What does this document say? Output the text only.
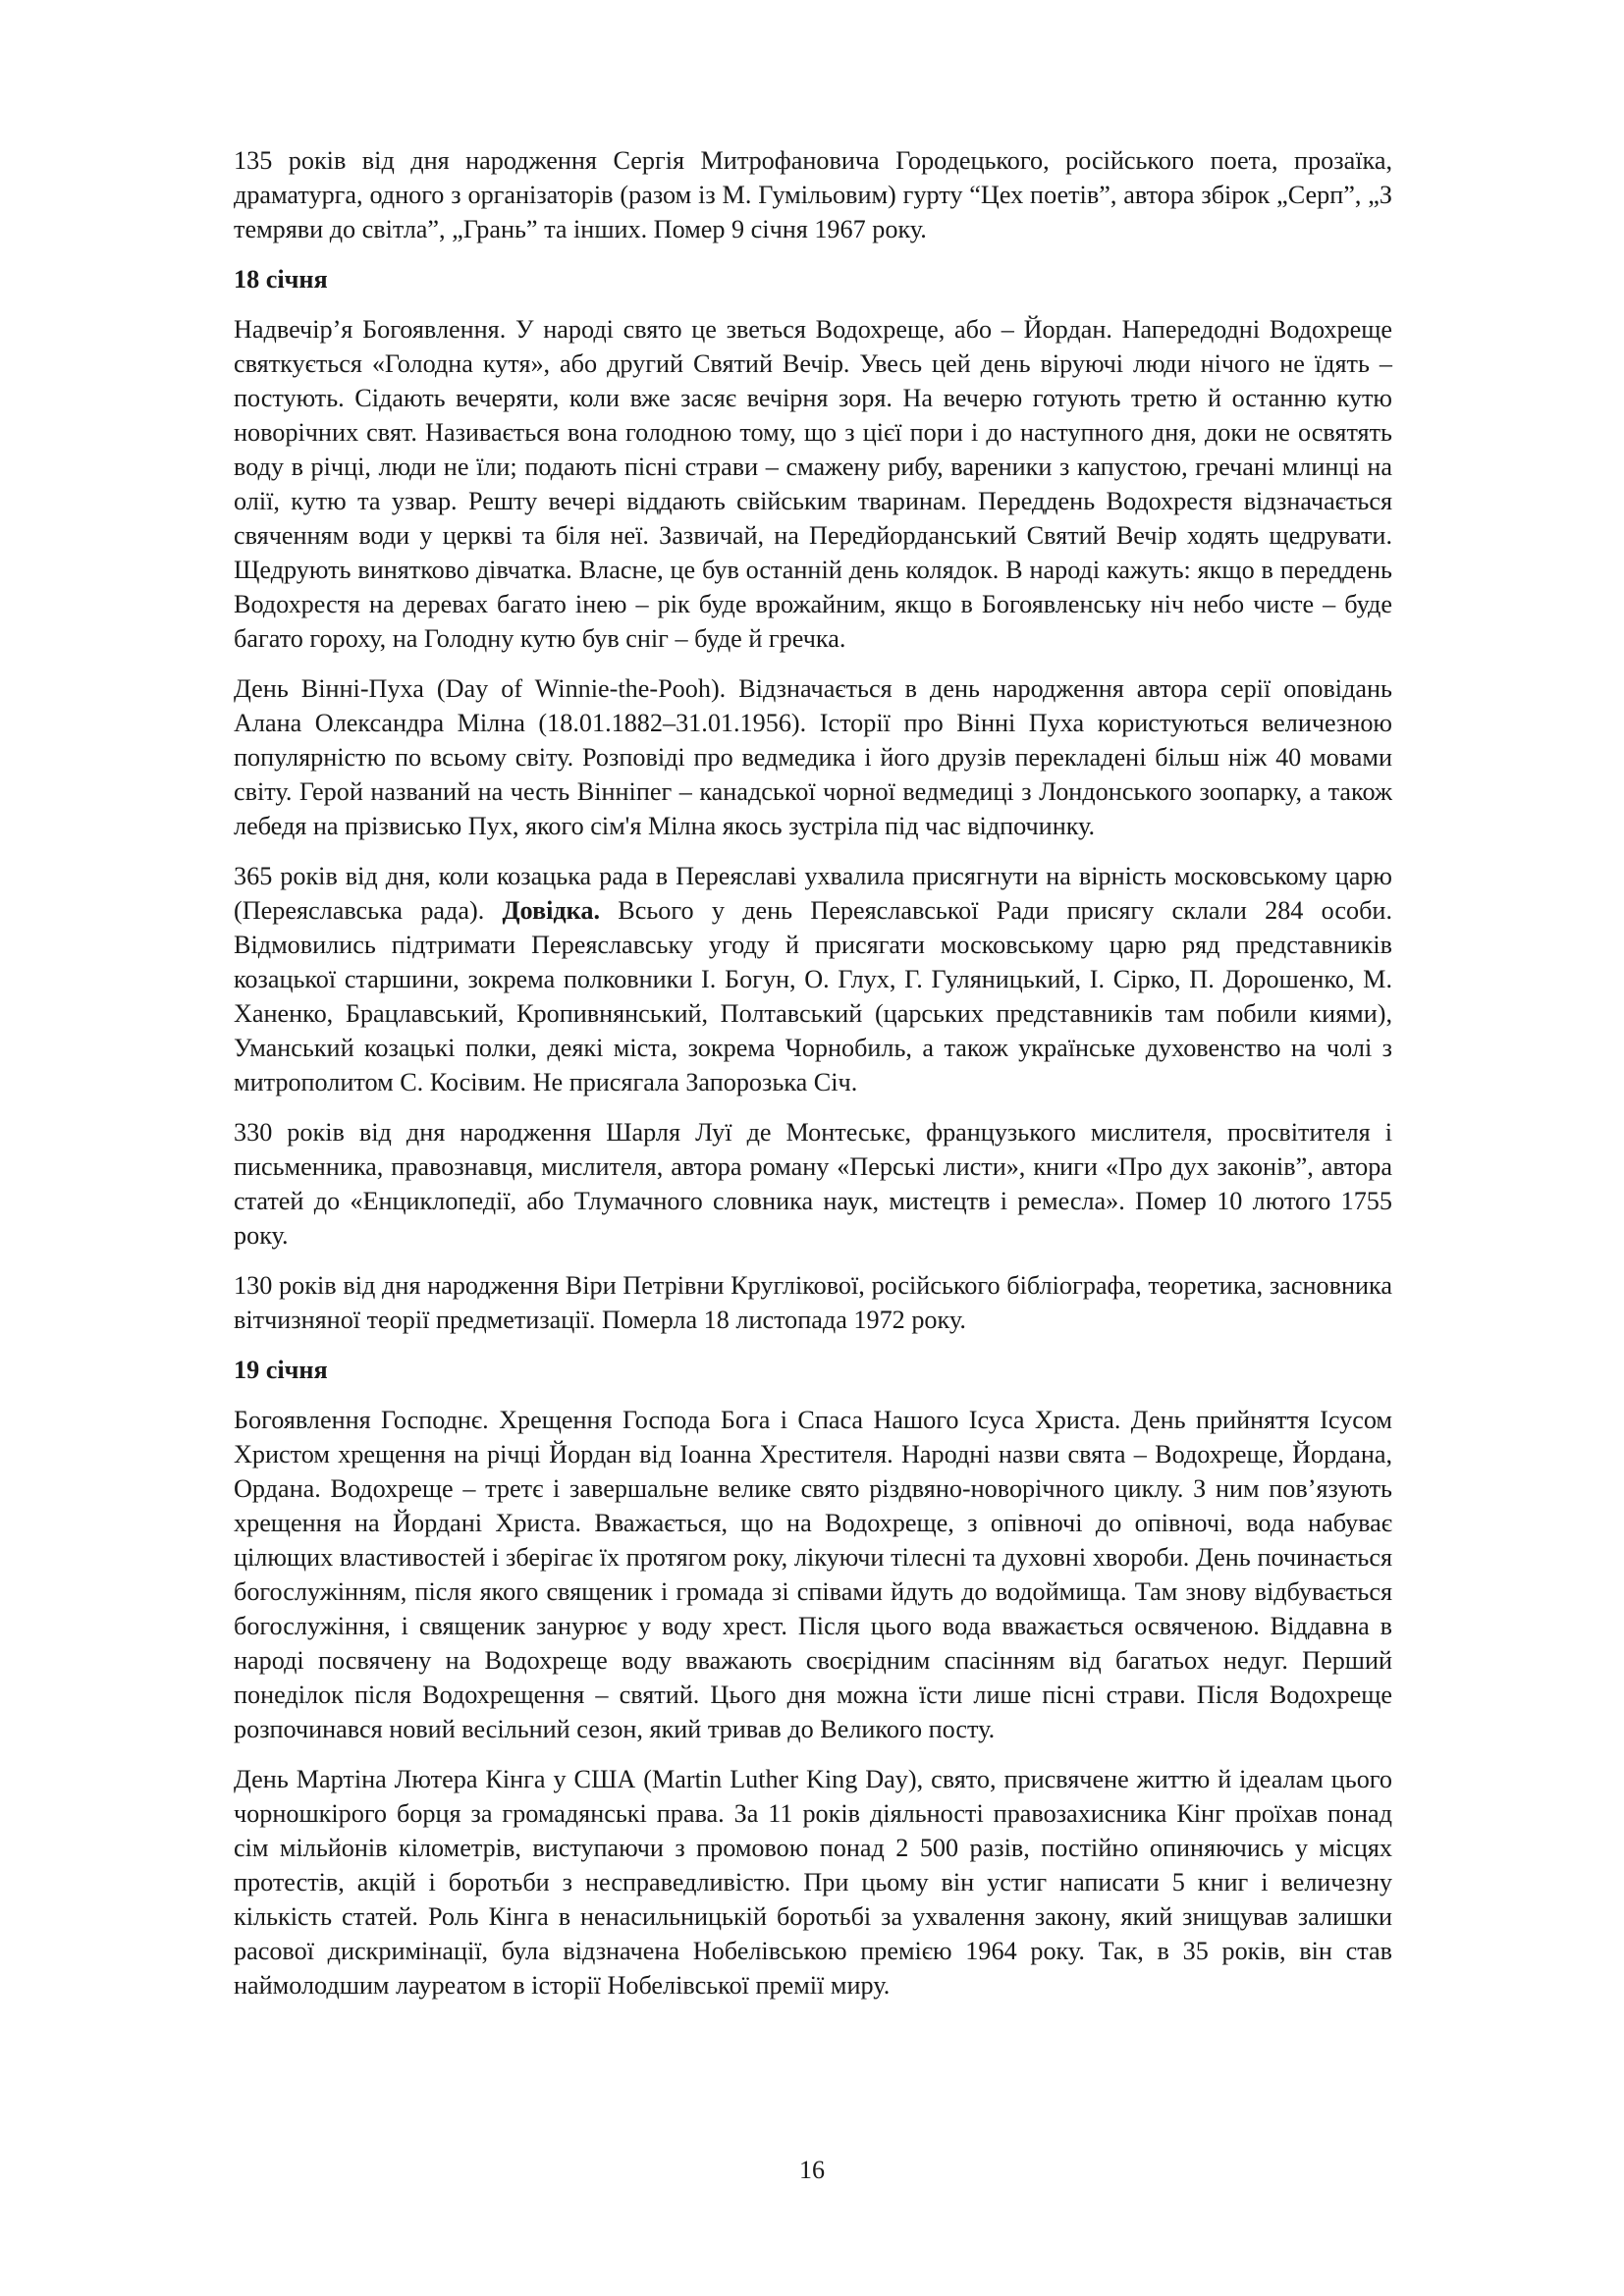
135 років від дня народження Сергія Митрофановича Городецького, російського поета, прозаїка, драматурга, одного з організаторів (разом із М. Гумільовим) гурту “Цех поетів”, автора збірок „Серп”, „З темряви до світла”, „Грань” та інших. Помер 9 січня 1967 року.

18 січня

Надвечір’я Богоявлення. У народі свято це зветься Водохреще, або – Йордан. Напередодні Водохреще святкується «Голодна кутя», або другий Святий Вечір. Увесь цей день віруючі люди нічого не їдять – постують. Сідають вечеряти, коли вже засяє вечірня зоря. На вечерю готують третю й останню кутю новорічних свят. Називається вона голодною тому, що з цієї пори і до наступного дня, доки не освятять воду в річці, люди не їли; подають пісні страви – смажену рибу, вареники з капустою, гречані млинці на олії, кутю та узвар. Решту вечері віддають свійським тваринам. Переддень Водохрестя відзначається свяченням води у церкві та біля неї. Зазвичай, на Передйорданський Святий Вечір ходять щедрувати. Щедрують винятково дівчатка. Власне, це був останній день колядок. В народі кажуть: якщо в переддень Водохрестя на деревах багато інею – рік буде врожайним, якщо в Богоявленську ніч небо чисте – буде багато гороху, на Голодну кутю був сніг – буде й гречка.

День Вінні-Пуха (Day of Winnie-the-Pooh). Відзначається в день народження автора серії оповідань Алана Олександра Мілна (18.01.1882–31.01.1956). Історії про Вінні Пуха користуються величезною популярністю по всьому світу. Розповіді про ведмедика і його друзів перекладені більш ніж 40 мовами світу. Герой названий на честь Вінніпег – канадської чорної ведмедиці з Лондонського зоопарку, а також лебедя на прізвисько Пух, якого сім'я Мілна якось зустріла під час відпочинку.

365 років від дня, коли козацька рада в Переяславі ухвалила присягнути на вірність московському царю (Переяславська рада). Довідка. Всього у день Переяславської Ради присягу склали 284 особи. Відмовились підтримати Переяславську угоду й присягати московському царю ряд представників козацької старшини, зокрема полковники І. Богун, О. Глух, Г. Гуляницький, І. Сірко, П. Дорошенко, М. Ханенко, Брацлавський, Кропивнянський, Полтавський (царських представників там побили киями), Уманський козацькі полки, деякі міста, зокрема Чорнобиль, а також українське духовенство на чолі з митрополитом С. Косівим. Не присягала Запорозька Січ.

330 років від дня народження Шарля Луї де Монтеськє, французького мислителя, просвітителя і письменника, правознавця, мислителя, автора роману «Перські листи», книги «Про дух законів”, автора статей до «Енциклопедії, або Тлумачного словника наук, мистецтв і ремесла». Помер 10 лютого 1755 року.

130 років від дня народження Віри Петрівни Круглікової, російського бібліографа, теоретика, засновника вітчизняної теорії предметизації. Померла 18 листопада 1972 року.

19 січня

Богоявлення Господнє. Хрещення Господа Бога і Спаса Нашого Ісуса Христа. День прийняття Ісусом Христом хрещення на річці Йордан від Іоанна Хрестителя. Народні назви свята – Водохреще, Йордана, Ордана. Водохреще – третє і завершальне велике свято різдвяно-новорічного циклу. З ним пов’язують хрещення на Йордані Христа. Вважається, що на Водохреще, з опівночі до опівночі, вода набуває цілющих властивостей і зберігає їх протягом року, лікуючи тілесні та духовні хвороби. День починається богослужінням, після якого священик і громада зі співами йдуть до водоймища. Там знову відбувається богослужіння, і священик занурює у воду хрест. Після цього вода вважається освяченою. Віддавна в народі посвячену на Водохреще воду вважають своєрідним спасінням від багатьох недуг. Перший понеділок після Водохрещення – святий. Цього дня можна їсти лише пісні страви. Після Водохреще розпочинався новий весільний сезон, який тривав до Великого посту.

День Мартіна Лютера Кінга у США (Martin Luther King Day), свято, присвячене життю й ідеалам цього чорношкірого борця за громадянські права. За 11 років діяльності правозахисника Кінг проїхав понад сім мільйонів кілометрів, виступаючи з промовою понад 2 500 разів, постійно опиняючись у місцях протестів, акцій і боротьби з несправедливістю. При цьому він устиг написати 5 книг і величезну кількість статей. Роль Кінга в ненасильницькій боротьбі за ухвалення закону, який знищував залишки расової дискримінації, була відзначена Нобелівською премією 1964 року. Так, в 35 років, він став наймолодшим лауреатом в історії Нобелівської премії миру.

16
